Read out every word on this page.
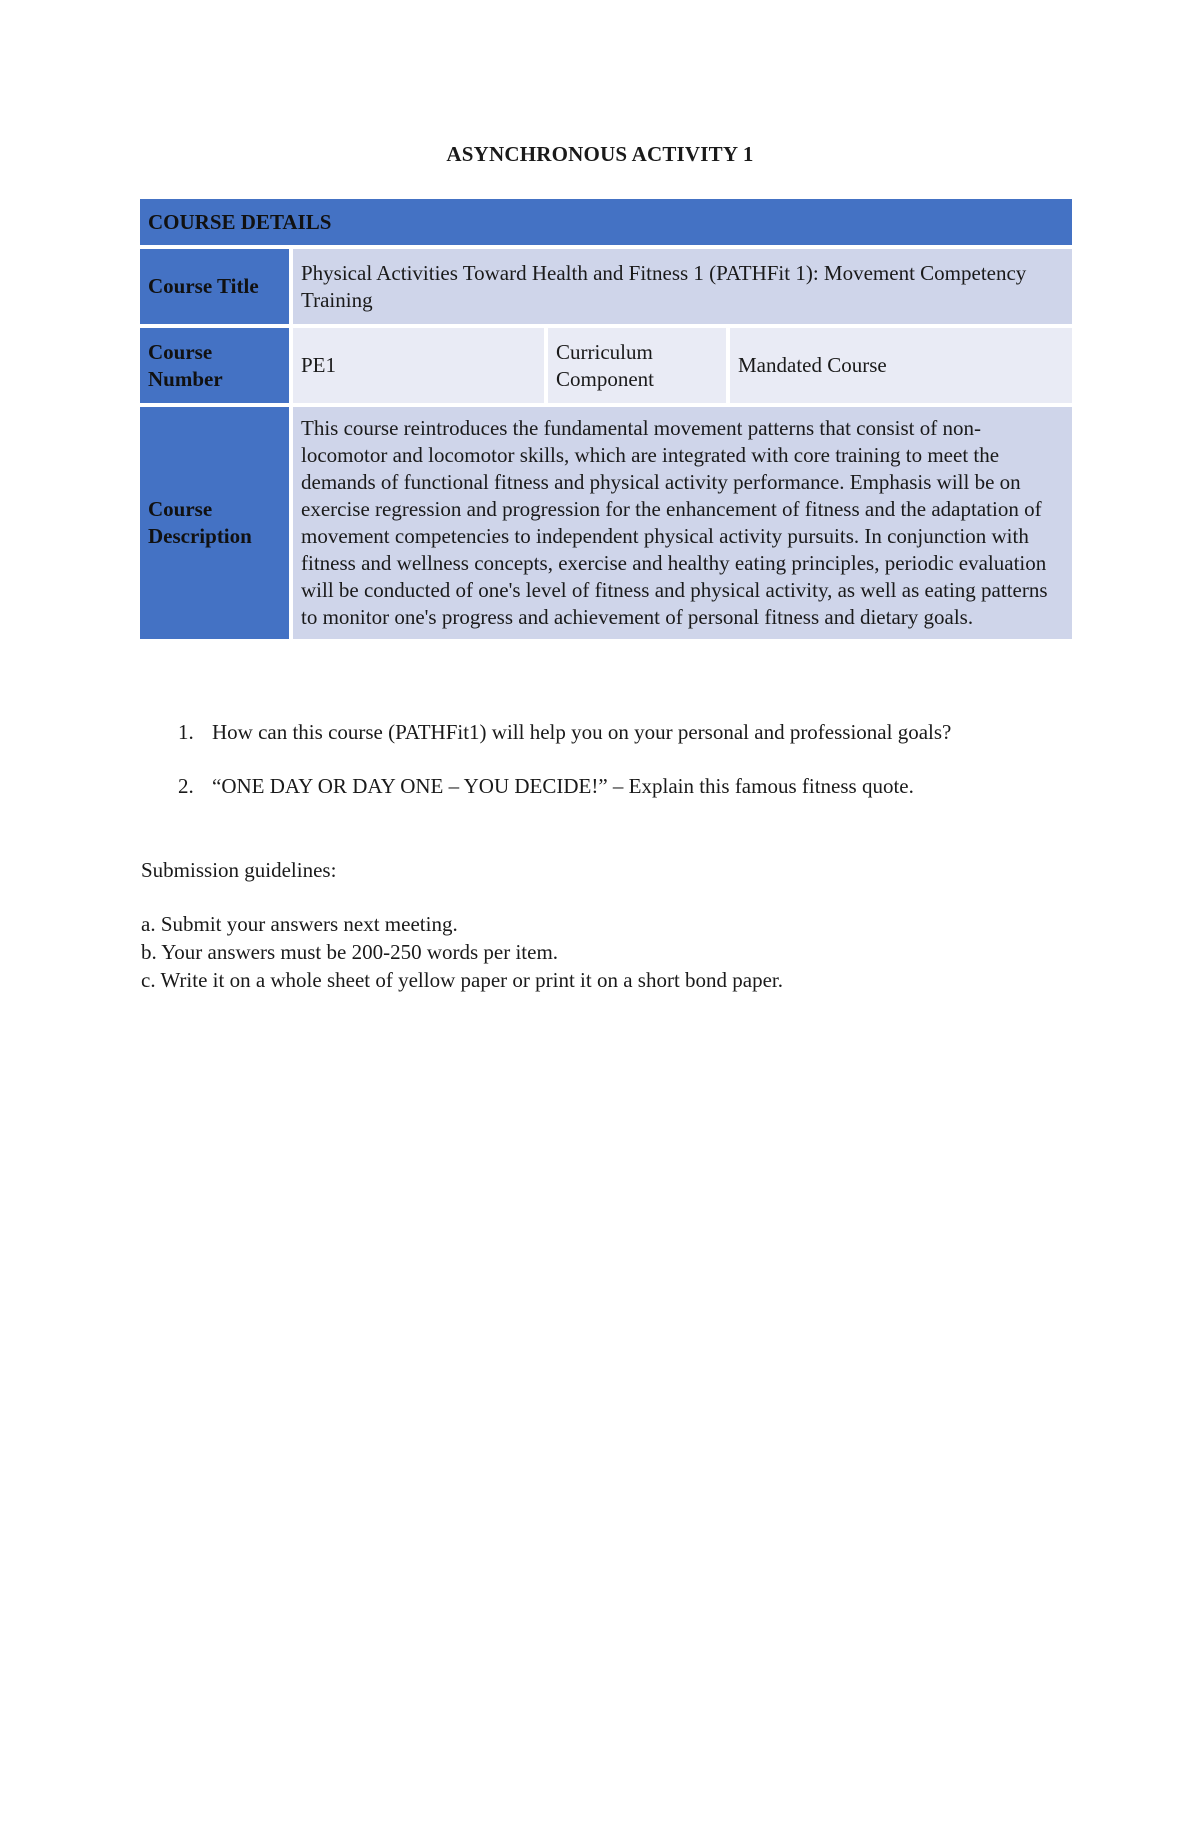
ASYNCHRONOUS ACTIVITY 1
COURSE DETAILS			
Course Title	Physical Activities Toward Health and Fitness 1 (PATHFit 1): Movement Competency Training		
Course Number	PE1	Curriculum Component	Mandated Course
Course Description	This course reintroduces the fundamental movement patterns that consist of non-locomotor and locomotor skills, which are integrated with core training to meet the demands of functional fitness and physical activity performance. Emphasis will be on exercise regression and progression for the enhancement of fitness and the adaptation of movement competencies to independent physical activity pursuits. In conjunction with fitness and wellness concepts, exercise and healthy eating principles, periodic evaluation will be conducted of one's level of fitness and physical activity, as well as eating patterns to monitor one's progress and achievement of personal fitness and dietary goals.		
1. How can this course (PATHFit1) will help you on your personal and professional goals?
2. “ONE DAY OR DAY ONE – YOU DECIDE!” – Explain this famous fitness quote.
Submission guidelines:
a. Submit your answers next meeting.
b. Your answers must be 200-250 words per item.
c. Write it on a whole sheet of yellow paper or print it on a short bond paper.
